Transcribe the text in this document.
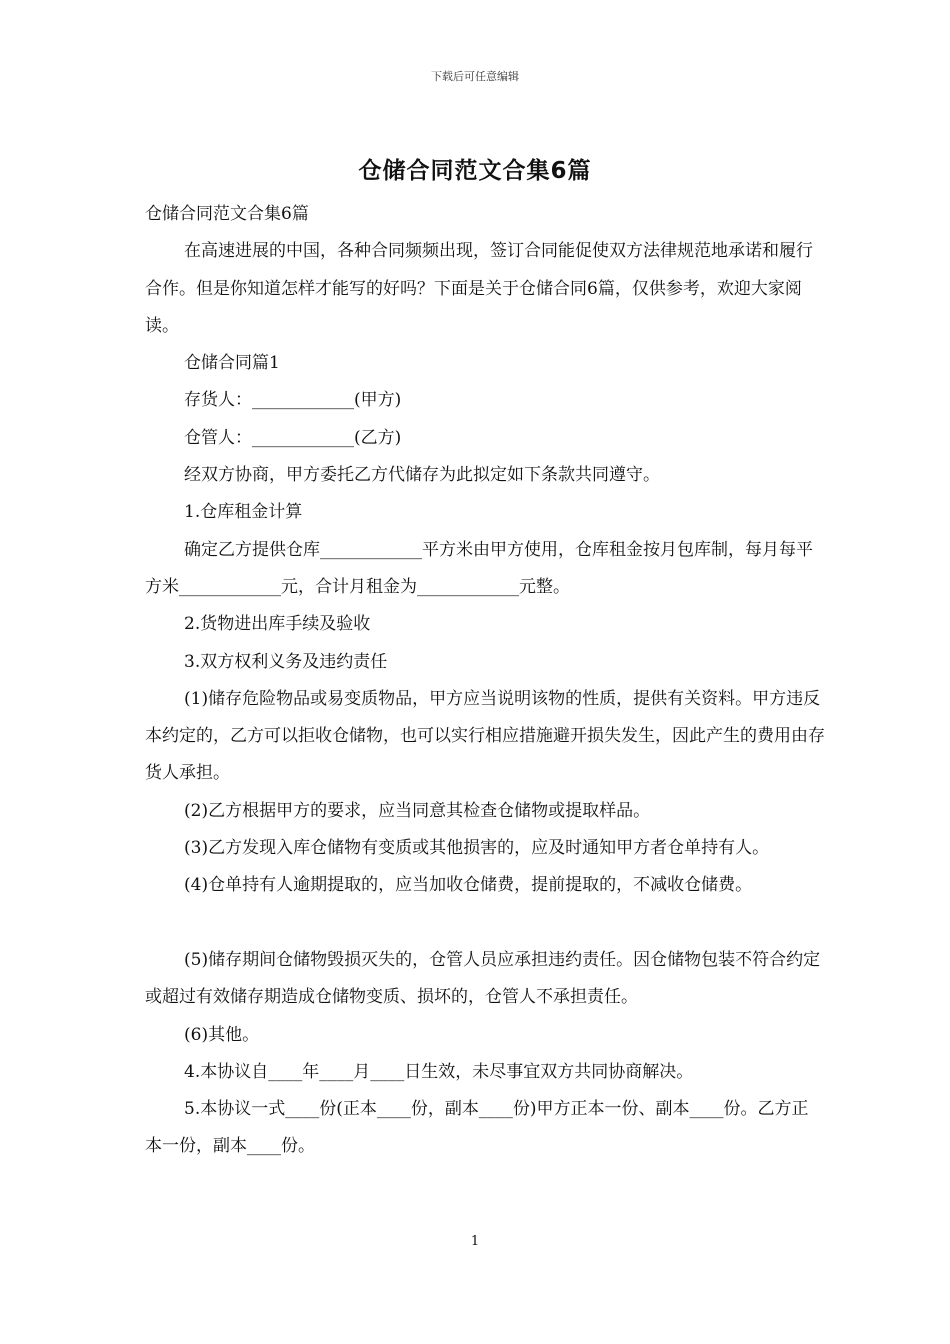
下载后可任意编辑
仓储合同范文合集6篇

仓储合同范文合集6篇

在高速进展的中国，各种合同频频出现，签订合同能促使双方法律规范地承诺和履行合作。但是你知道怎样才能写的好吗？下面是关于仓储合同6篇，仅供参考，欢迎大家阅读。

仓储合同篇1

存货人：____________(甲方)

仓管人：____________(乙方)

经双方协商，甲方委托乙方代储存为此拟定如下条款共同遵守。

1.仓库租金计算

确定乙方提供仓库____________平方米由甲方使用，仓库租金按月包库制，每月每平方米____________元，合计月租金为____________元整。

2.货物进出库手续及验收

3.双方权利义务及违约责任

(1)储存危险物品或易变质物品，甲方应当说明该物的性质，提供有关资料。甲方违反本约定的，乙方可以拒收仓储物，也可以实行相应措施避开损失发生，因此产生的费用由存货人承担。

(2)乙方根据甲方的要求，应当同意其检查仓储物或提取样品。

(3)乙方发现入库仓储物有变质或其他损害的，应及时通知甲方者仓单持有人。

(4)仓单持有人逾期提取的，应当加收仓储费，提前提取的，不减收仓储费。

(5)储存期间仓储物毁损灭失的，仓管人员应承担违约责任。因仓储物包装不符合约定或超过有效储存期造成仓储物变质、损坏的，仓管人不承担责任。

(6)其他。

4.本协议自____年____月____日生效，未尽事宜双方共同协商解决。

5.本协议一式____份(正本____份，副本____份)甲方正本一份、副本____份。乙方正本一份，副本____份。

1
